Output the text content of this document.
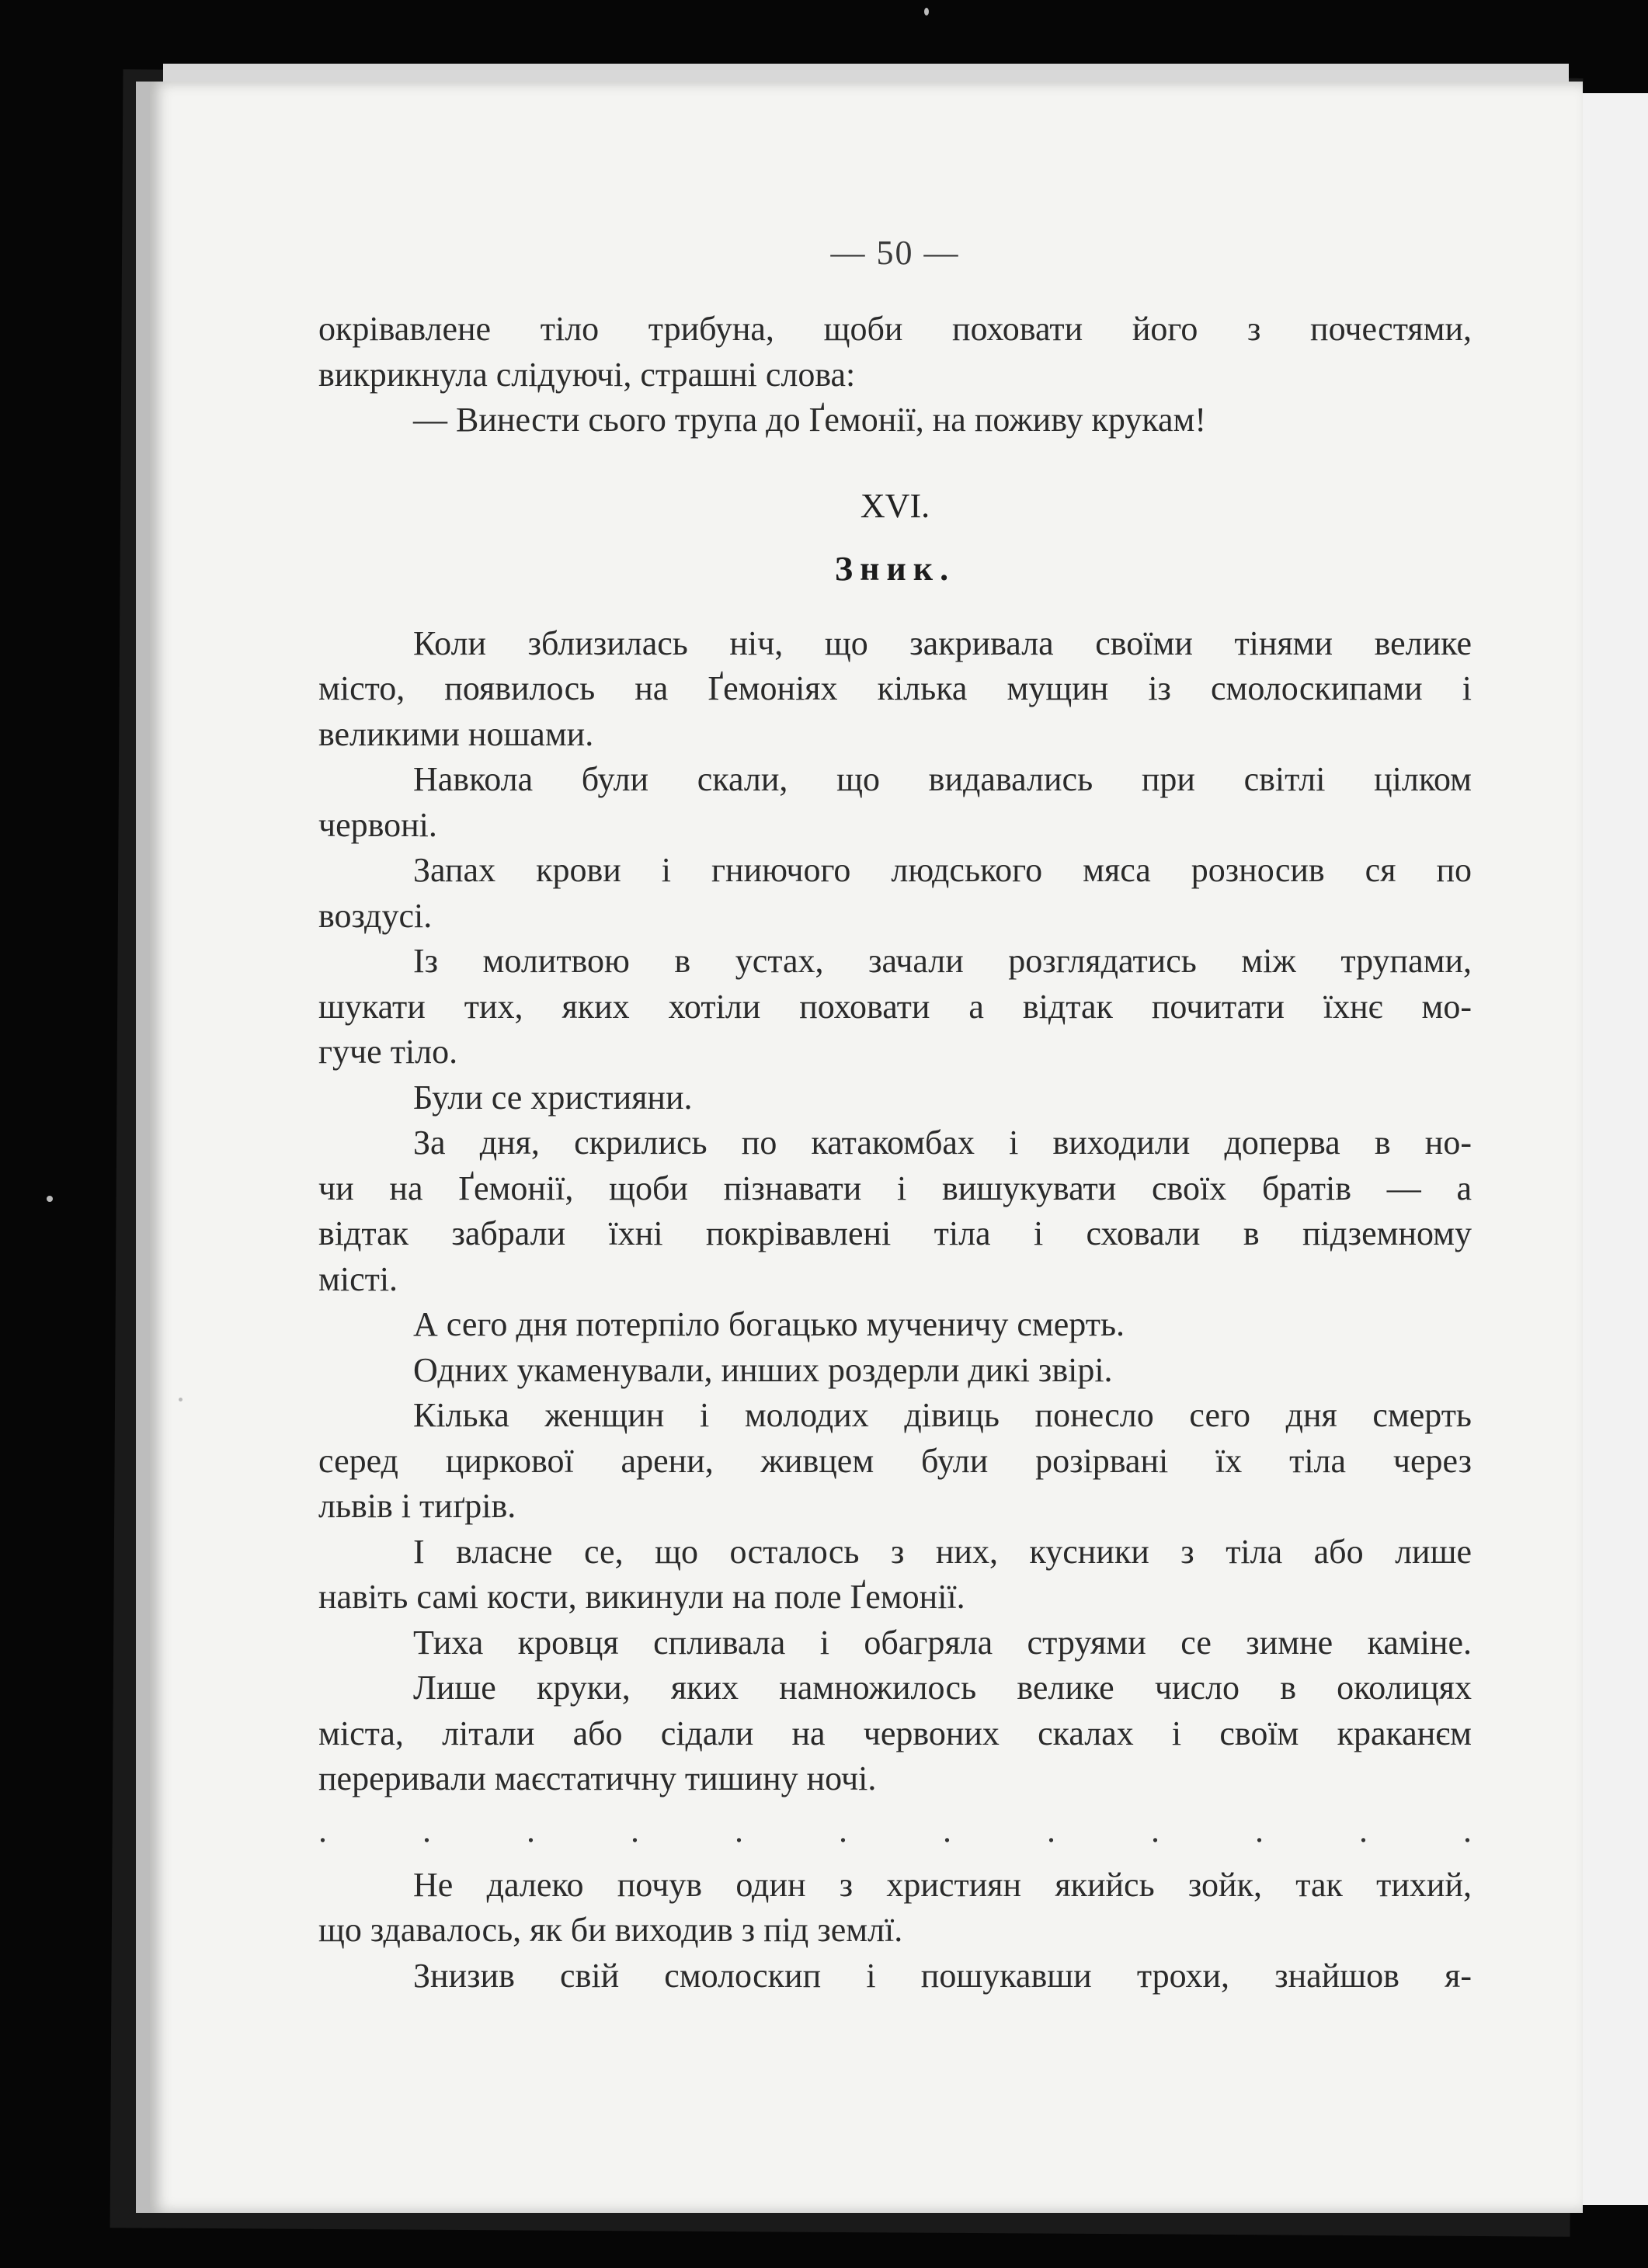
— 50 —

окрівавлене тіло трибуна, щоби поховати його з почестями,

викрикнула слідуючі, страшні слова:

— Винести сього трупа до Ґемонії, на поживу крукам!

XVI.
Зник.

Коли зблизилась ніч, що закривала своїми тінями велике

місто, появилось на Ґемоніях кілька мущин із смолоскипами і

великими ношами.

Навкола були скали, що видавались при світлі цілком

червоні.

Запах крови і гниючого людського мяса розносив ся по

воздусі.

Із молитвою в устах, зачали розглядатись між трупами,

шукати тих, яких хотіли поховати а відтак почитати їхнє мо-

гуче тіло.

Були се християни.

За дня, скрились по катакомбах і виходили доперва в но-

чи на Ґемонії, щоби пізнавати і вишукувати своїх братів — а

відтак забрали їхні покрівавлені тіла і сховали в підземному

місті.

А сего дня потерпіло богацько мученичу смерть.

Одних укаменували, инших роздерли дикі звірі.

Кілька женщин і молодих дівиць понесло сего дня смерть

серед циркової арени, живцем були розірвані їх тіла через

львів і тиґрів.

І власне се, що осталось з них, кусники з тіла або лише

навіть самі кости, викинули на поле Ґемонії.

Тиха кровця спливала і обагряла струями се зимне каміне.

Лише круки, яких намножилось велике число в околицях

міста, літали або сідали на червоних скалах і своїм краканєм

переривали маєстатичну тишину ночі.

.	.	.	.	.	.	.	.	.	.	.	.

Не далеко почув один з християн якийсь зойк, так тихий,

що здавалось, як би виходив з під землї.

Знизив свій смолоскип і пошукавши трохи, знайшов я-
